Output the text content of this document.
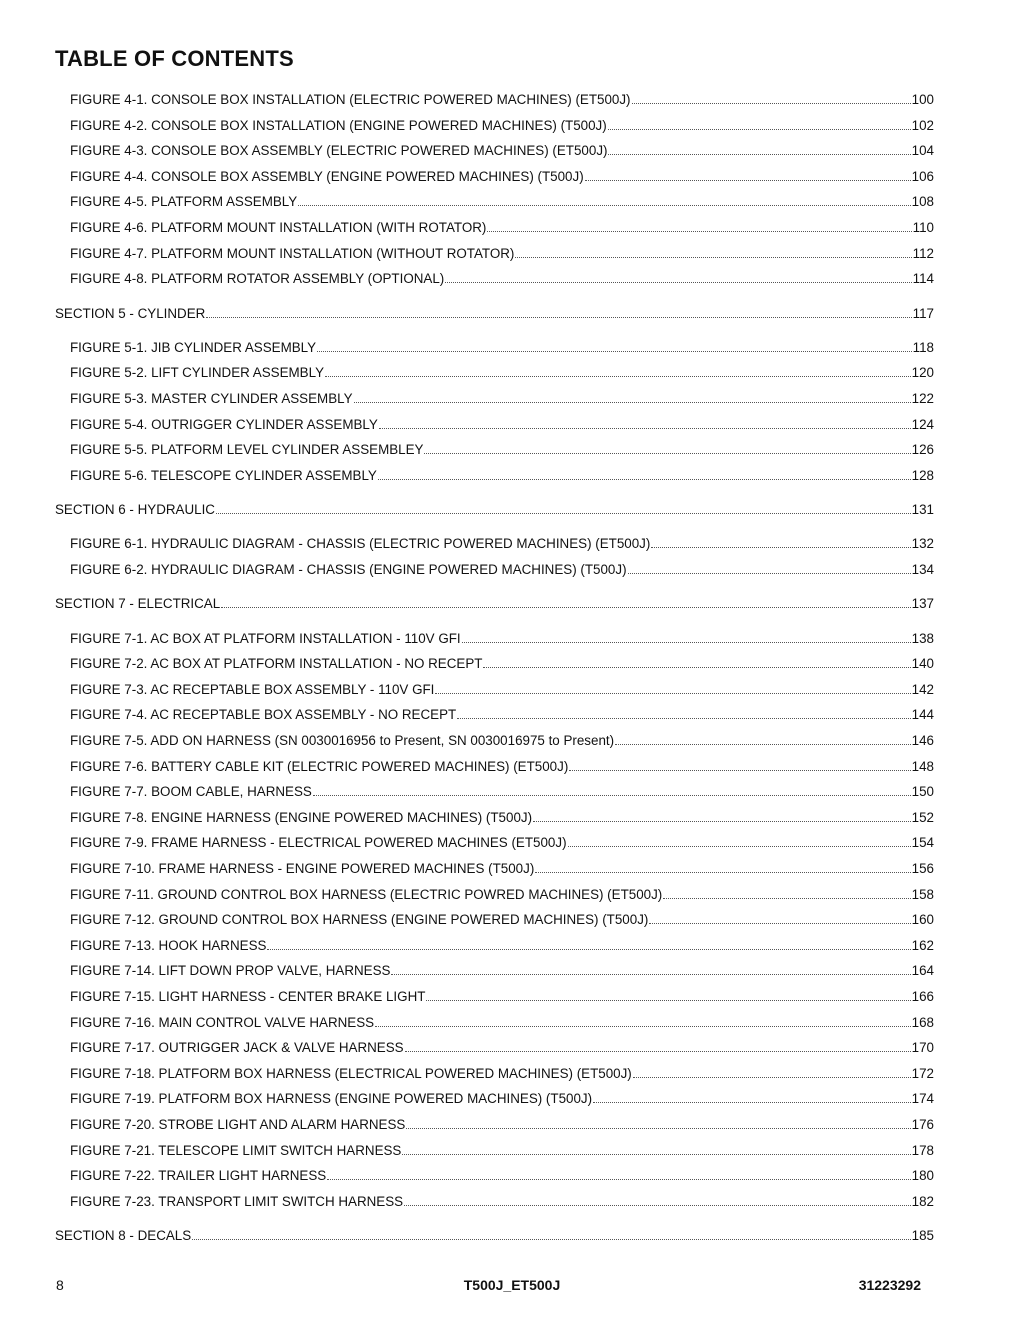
TABLE OF CONTENTS
FIGURE 4-1. CONSOLE BOX INSTALLATION (ELECTRIC POWERED MACHINES) (ET500J)	100
FIGURE 4-2. CONSOLE BOX INSTALLATION (ENGINE POWERED MACHINES) (T500J)	102
FIGURE 4-3. CONSOLE BOX ASSEMBLY (ELECTRIC POWERED MACHINES) (ET500J)	104
FIGURE 4-4. CONSOLE BOX ASSEMBLY (ENGINE POWERED MACHINES) (T500J)	106
FIGURE 4-5. PLATFORM ASSEMBLY	108
FIGURE 4-6. PLATFORM MOUNT INSTALLATION (WITH ROTATOR)	110
FIGURE 4-7. PLATFORM MOUNT INSTALLATION (WITHOUT ROTATOR)	112
FIGURE 4-8. PLATFORM ROTATOR ASSEMBLY (OPTIONAL)	114
SECTION 5 - CYLINDER	117
FIGURE 5-1. JIB CYLINDER ASSEMBLY	118
FIGURE 5-2. LIFT CYLINDER ASSEMBLY	120
FIGURE 5-3. MASTER CYLINDER ASSEMBLY	122
FIGURE 5-4. OUTRIGGER CYLINDER ASSEMBLY	124
FIGURE 5-5. PLATFORM LEVEL CYLINDER ASSEMBLEY	126
FIGURE 5-6. TELESCOPE CYLINDER ASSEMBLY	128
SECTION 6 - HYDRAULIC	131
FIGURE 6-1. HYDRAULIC DIAGRAM - CHASSIS (ELECTRIC POWERED MACHINES) (ET500J)	132
FIGURE 6-2. HYDRAULIC DIAGRAM - CHASSIS (ENGINE POWERED MACHINES) (T500J)	134
SECTION 7 - ELECTRICAL	137
FIGURE 7-1. AC BOX AT PLATFORM INSTALLATION - 110V GFI	138
FIGURE 7-2. AC BOX AT PLATFORM INSTALLATION - NO RECEPT	140
FIGURE 7-3. AC RECEPTABLE BOX ASSEMBLY - 110V GFI	142
FIGURE 7-4. AC RECEPTABLE BOX ASSEMBLY - NO RECEPT	144
FIGURE 7-5. ADD ON HARNESS (SN 0030016956 to Present, SN 0030016975 to Present)	146
FIGURE 7-6. BATTERY CABLE KIT (ELECTRIC POWERED MACHINES) (ET500J)	148
FIGURE 7-7. BOOM CABLE, HARNESS	150
FIGURE 7-8. ENGINE HARNESS (ENGINE POWERED MACHINES) (T500J)	152
FIGURE 7-9. FRAME HARNESS - ELECTRICAL POWERED MACHINES (ET500J)	154
FIGURE 7-10. FRAME HARNESS - ENGINE POWERED MACHINES (T500J)	156
FIGURE 7-11. GROUND CONTROL BOX HARNESS (ELECTRIC POWRED MACHINES) (ET500J)	158
FIGURE 7-12. GROUND CONTROL BOX HARNESS (ENGINE POWERED MACHINES) (T500J)	160
FIGURE 7-13. HOOK HARNESS	162
FIGURE 7-14. LIFT DOWN PROP VALVE, HARNESS	164
FIGURE 7-15. LIGHT HARNESS - CENTER BRAKE LIGHT	166
FIGURE 7-16. MAIN CONTROL VALVE HARNESS	168
FIGURE 7-17. OUTRIGGER JACK & VALVE HARNESS	170
FIGURE 7-18. PLATFORM BOX HARNESS (ELECTRICAL POWERED MACHINES) (ET500J)	172
FIGURE 7-19. PLATFORM BOX HARNESS (ENGINE POWERED MACHINES) (T500J)	174
FIGURE 7-20. STROBE LIGHT AND ALARM HARNESS	176
FIGURE 7-21. TELESCOPE LIMIT SWITCH HARNESS	178
FIGURE 7-22. TRAILER LIGHT HARNESS	180
FIGURE 7-23. TRANSPORT LIMIT SWITCH HARNESS	182
SECTION 8 - DECALS	185
8	T500J_ET500J	31223292
